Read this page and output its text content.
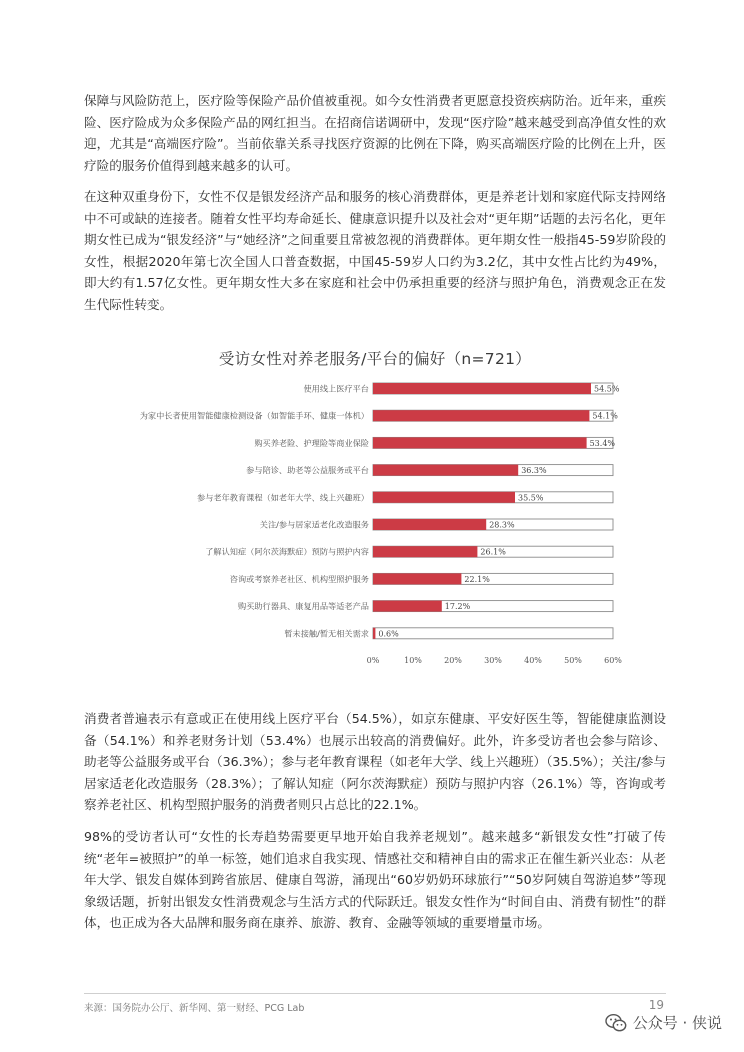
保障与风险防范上，医疗险等保险产品价值被重视。如今女性消费者更愿意投资疾病防治。近年来，重疾险、医疗险成为众多保险产品的网红担当。在招商信诺调研中，发现“医疗险”越来越受到高净值女性的欢迎，尤其是“高端医疗险”。当前依靠关系寻找医疗资源的比例在下降，购买高端医疗险的比例在上升，医疗险的服务价值得到越来越多的认可。

在这种双重身份下，女性不仅是银发经济产品和服务的核心消费群体，更是养老计划和家庭代际支持网络中不可或缺的连接者。随着女性平均寿命延长、健康意识提升以及社会对“更年期”话题的去污名化，更年期女性已成为“银发经济”与“她经济”之间重要且常被忽视的消费群体。更年期女性一般指45-59岁阶段的女性，根据2020年第七次全国人口普查数据，中国45-59岁人口约为3.2亿，其中女性占比约为49%，即大约有1.57亿女性。更年期女性大多在家庭和社会中仍承担重要的经济与照护角色，消费观念正在发生代际性转变。

受访女性对养老服务/平台的偏好（n=721）
使用线上医疗平台	54.5%
为家中长者使用智能健康检测设备（如智能手环、健康一体机）	54.1%
购买养老险、护理险等商业保险	53.4%
参与陪诊、助老等公益服务或平台	36.3%
参与老年教育课程（如老年大学、线上兴趣班）	35.5%
关注/参与居家适老化改造服务	28.3%
了解认知症（阿尔茨海默症）预防与照护内容	26.1%
咨询或考察养老社区、机构型照护服务	22.1%
购买助行器具、康复用品等适老产品	17.2%
暂未接触/暂无相关需求 0.6%
0%	10%	20%	30%	40%	50%	60%

消费者普遍表示有意或正在使用线上医疗平台（54.5%），如京东健康、平安好医生等，智能健康监测设备（54.1%）和养老财务计划（53.4%）也展示出较高的消费偏好。此外，许多受访者也会参与陪诊、助老等公益服务或平台（36.3%）；参与老年教育课程（如老年大学、线上兴趣班）（35.5%）；关注/参与居家适老化改造服务（28.3%）；了解认知症（阿尔茨海默症）预防与照护内容（26.1%）等，咨询或考察养老社区、机构型照护服务的消费者则只占总比的22.1%。

98%的受访者认可“女性的长寿趋势需要更早地开始自我养老规划”。越来越多“新银发女性”打破了传统“老年=被照护”的单一标签，她们追求自我实现、情感社交和精神自由的需求正在催生新兴业态：从老年大学、银发自媒体到跨省旅居、健康自驾游，涌现出“60岁奶奶环球旅行”“50岁阿姨自驾游追梦”等现象级话题，折射出银发女性消费观念与生活方式的代际跃迁。银发女性作为“时间自由、消费有韧性”的群体，也正成为各大品牌和服务商在康养、旅游、教育、金融等领域的重要增量市场。

来源：国务院办公厅、新华网、第一财经、PCG Lab	19
公众号 · 侠说
